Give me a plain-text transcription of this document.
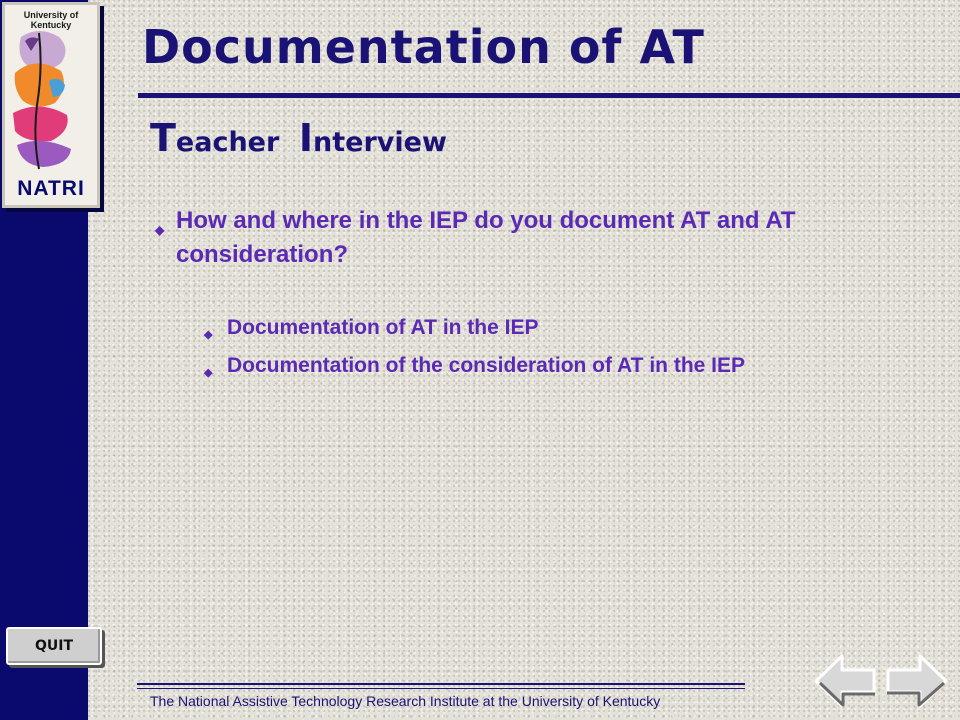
University of Kentucky
NATRI
QUIT
Documentation of AT
Teacher Interview
◆ How and where in the IEP do you document AT and AT consideration?
◆ Documentation of AT in the IEP
◆ Documentation of the consideration of AT in the IEP
The National Assistive Technology Research Institute at the University of Kentucky
